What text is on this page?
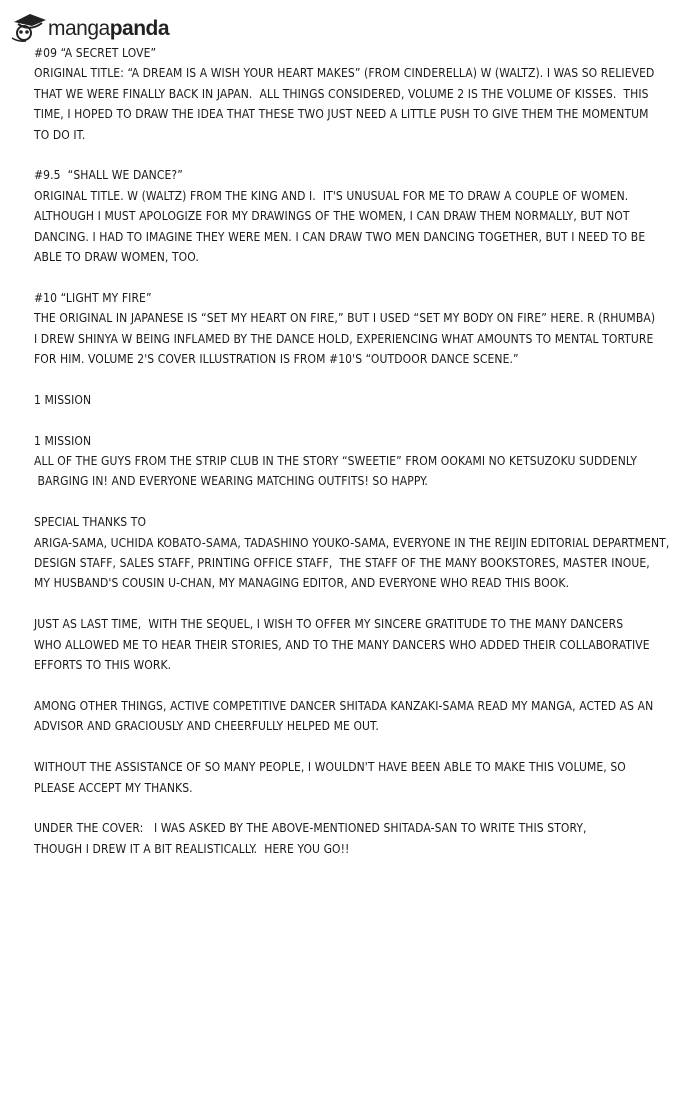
mangapanda

#09 “A SECRET LOVE”
ORIGINAL TITLE: “A DREAM IS A WISH YOUR HEART MAKES” (FROM CINDERELLA) W (WALTZ). I WAS SO RELIEVED
THAT WE WERE FINALLY BACK IN JAPAN.  ALL THINGS CONSIDERED, VOLUME 2 IS THE VOLUME OF KISSES.  THIS
TIME, I HOPED TO DRAW THE IDEA THAT THESE TWO JUST NEED A LITTLE PUSH TO GIVE THEM THE MOMENTUM
TO DO IT.

#9.5  “SHALL WE DANCE?”
ORIGINAL TITLE. W (WALTZ) FROM THE KING AND I.  IT'S UNUSUAL FOR ME TO DRAW A COUPLE OF WOMEN.
ALTHOUGH I MUST APOLOGIZE FOR MY DRAWINGS OF THE WOMEN, I CAN DRAW THEM NORMALLY, BUT NOT
DANCING. I HAD TO IMAGINE THEY WERE MEN. I CAN DRAW TWO MEN DANCING TOGETHER, BUT I NEED TO BE
ABLE TO DRAW WOMEN, TOO.

#10 “LIGHT MY FIRE”
THE ORIGINAL IN JAPANESE IS “SET MY HEART ON FIRE,” BUT I USED “SET MY BODY ON FIRE” HERE. R (RHUMBA)
I DREW SHINYA W BEING INFLAMED BY THE DANCE HOLD, EXPERIENCING WHAT AMOUNTS TO MENTAL TORTURE
FOR HIM. VOLUME 2'S COVER ILLUSTRATION IS FROM #10'S “OUTDOOR DANCE SCENE.”

1 MISSION

1 MISSION
ALL OF THE GUYS FROM THE STRIP CLUB IN THE STORY “SWEETIE” FROM OOKAMI NO KETSUZOKU SUDDENLY
BARGING IN! AND EVERYONE WEARING MATCHING OUTFITS! SO HAPPY.

SPECIAL THANKS TO
ARIGA-SAMA, UCHIDA KOBATO-SAMA, TADASHINO YOUKO-SAMA, EVERYONE IN THE REIJIN EDITORIAL DEPARTMENT,
DESIGN STAFF, SALES STAFF, PRINTING OFFICE STAFF,  THE STAFF OF THE MANY BOOKSTORES, MASTER INOUE,
MY HUSBAND'S COUSIN U-CHAN, MY MANAGING EDITOR, AND EVERYONE WHO READ THIS BOOK.

JUST AS LAST TIME,  WITH THE SEQUEL, I WISH TO OFFER MY SINCERE GRATITUDE TO THE MANY DANCERS
WHO ALLOWED ME TO HEAR THEIR STORIES, AND TO THE MANY DANCERS WHO ADDED THEIR COLLABORATIVE
EFFORTS TO THIS WORK.

AMONG OTHER THINGS, ACTIVE COMPETITIVE DANCER SHITADA KANZAKI-SAMA READ MY MANGA, ACTED AS AN
ADVISOR AND GRACIOUSLY AND CHEERFULLY HELPED ME OUT.

WITHOUT THE ASSISTANCE OF SO MANY PEOPLE, I WOULDN'T HAVE BEEN ABLE TO MAKE THIS VOLUME, SO
PLEASE ACCEPT MY THANKS.

UNDER THE COVER:   I WAS ASKED BY THE ABOVE-MENTIONED SHITADA-SAN TO WRITE THIS STORY,
THOUGH I DREW IT A BIT REALISTICALLY.  HERE YOU GO!!
